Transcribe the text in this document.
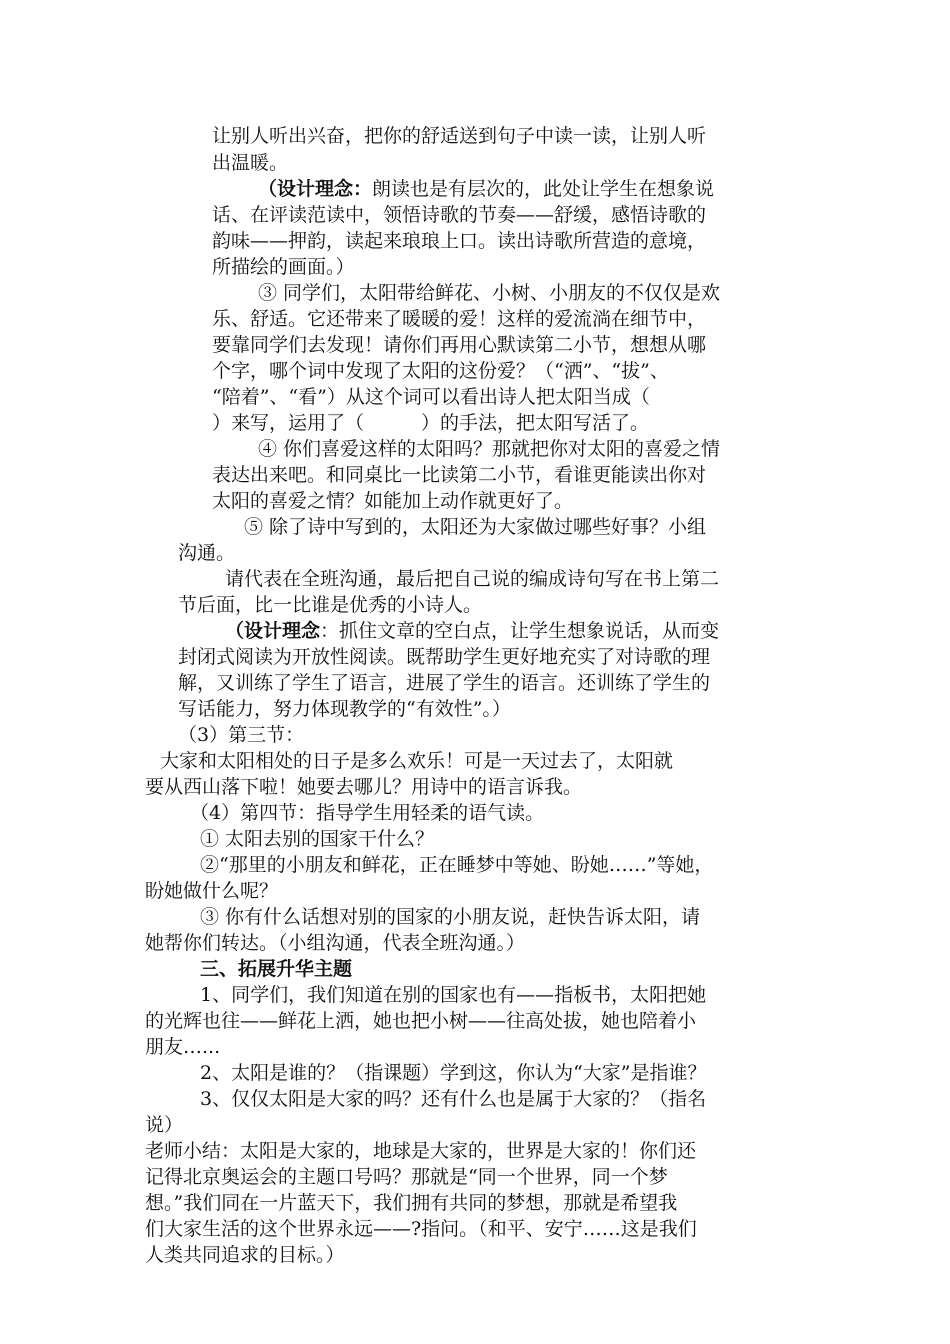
让别人听出兴奋，把你的舒适送到句子中读一读，让别人听
出温暖。
（设计理念：朗读也是有层次的，此处让学生在想象说
话、在评读范读中，领悟诗歌的节奏——舒缓，感悟诗歌的
韵味——押韵，读起来琅琅上口。读出诗歌所营造的意境，
所描绘的画面。）
③ 同学们，太阳带给鲜花、小树、小朋友的不仅仅是欢
乐、舒适。它还带来了暖暖的爱！这样的爱流淌在细节中，
要靠同学们去发现！请你们再用心默读第二小节，想想从哪
个字，哪个词中发现了太阳的这份爱？（“洒”、“拔”、
“陪着”、“看”）从这个词可以看出诗人把太阳当成（
）来写，运用了（　　　）的手法，把太阳写活了。
④ 你们喜爱这样的太阳吗？那就把你对太阳的喜爱之情
表达出来吧。和同桌比一比读第二小节，看谁更能读出你对
太阳的喜爱之情？如能加上动作就更好了。
⑤ 除了诗中写到的，太阳还为大家做过哪些好事？小组
沟通。
请代表在全班沟通，最后把自己说的编成诗句写在书上第二
节后面，比一比谁是优秀的小诗人。
（设计理念：抓住文章的空白点，让学生想象说话，从而变
封闭式阅读为开放性阅读。既帮助学生更好地充实了对诗歌的理
解，又训练了学生了语言，进展了学生的语言。还训练了学生的
写话能力，努力体现教学的“有效性”。）
（3）第三节：
大家和太阳相处的日子是多么欢乐！可是一天过去了，太阳就
要从西山落下啦！她要去哪儿？用诗中的语言诉我。
（4）第四节：指导学生用轻柔的语气读。
① 太阳去别的国家干什么？
②“那里的小朋友和鲜花，正在睡梦中等她、盼她……”等她，
盼她做什么呢？
③ 你有什么话想对别的国家的小朋友说，赶快告诉太阳，请
她帮你们转达。（小组沟通，代表全班沟通。）
三、拓展升华主题
1、同学们，我们知道在别的国家也有——指板书，太阳把她
的光辉也往——鲜花上洒，她也把小树——往高处拔，她也陪着小
朋友…...
2、太阳是谁的？（指课题）学到这，你认为“大家”是指谁？
3、仅仅太阳是大家的吗？还有什么也是属于大家的？（指名
说）
老师小结：太阳是大家的，地球是大家的，世界是大家的！你们还
记得北京奥运会的主题口号吗？那就是“同一个世界，同一个梦
想。”我们同在一片蓝天下，我们拥有共同的梦想，那就是希望我
们大家生活的这个世界永远——?指问。（和平、安宁……这是我们
人类共同追求的目标。）
